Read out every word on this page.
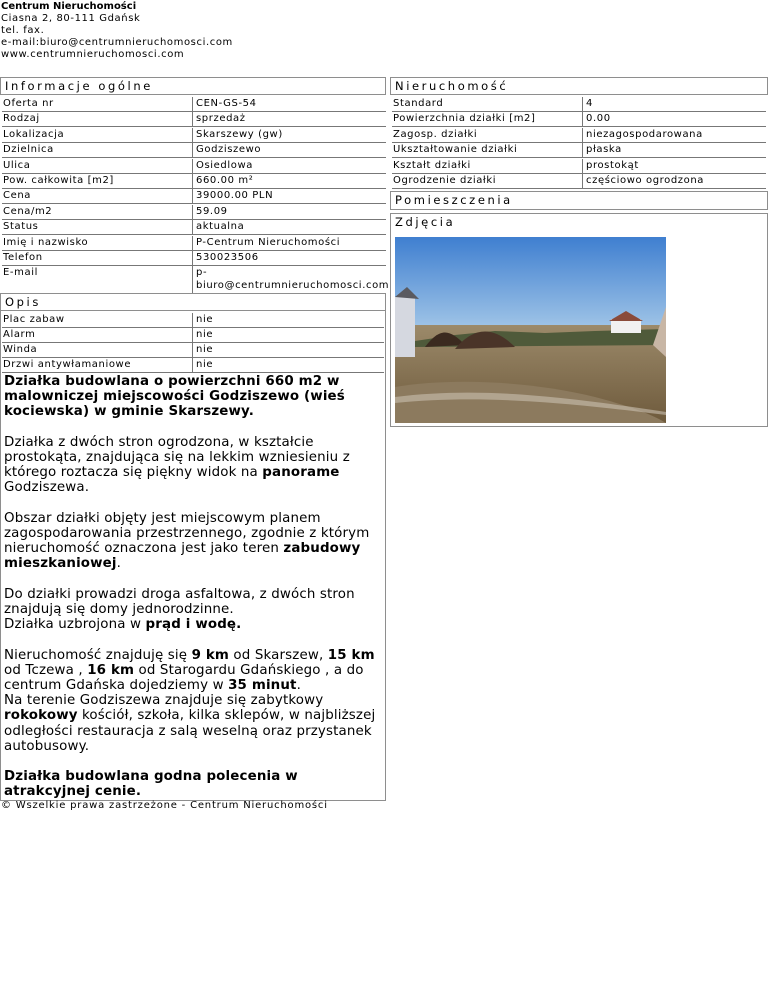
Centrum Nieruchomości
Ciasna 2, 80-111 Gdańsk
tel. fax.
e-mail:biuro@centrumnieruchomosci.com
www.centrumnieruchomosci.com
Informacje ogólne
Oferta nr	CEN-GS-54
Rodzaj	sprzedaż
Lokalizacja	Skarszewy (gw)
Dzielnica	Godziszewo
Ulica	Osiedlowa
Pow. całkowita [m2]	660.00 m²
Cena	39000.00 PLN
Cena/m2	59.09
Status	aktualna
Imię i nazwisko	P-Centrum Nieruchomości
Telefon	530023506
E-mail	p-
biuro@centrumnieruchomosci.com
Nieruchomość
Standard	4
Powierzchnia działki [m2]	0.00
Zagosp. działki	niezagospodarowana
Ukształtowanie działki	płaska
Kształt działki	prostokąt
Ogrodzenie działki	częściowo ogrodzona
Pomieszczenia
Zdjęcia
Opis
Plac zabaw	nie
Alarm	nie
Winda	nie
Drzwi antywłamaniowe	nie

Działka budowlana o powierzchni 660 m2 w malowniczej miejscowości Godziszewo (wieś kociewska) w gminie Skarszewy.

Działka z dwóch stron ogrodzona, w kształcie prostokąta, znajdująca się na lekkim wzniesieniu z którego roztacza się piękny widok na panorame Godziszewa.

Obszar działki objęty jest miejscowym planem zagospodarowania przestrzennego, zgodnie z którym nieruchomość oznaczona jest jako teren zabudowy mieszkaniowej.

Do działki prowadzi droga asfaltowa, z dwóch stron znajdują się domy jednorodzinne.
Działka uzbrojona w prąd i wodę.

Nieruchomość znajduję się 9 km od Skarszew, 15 km od Tczewa , 16 km od Starogardu Gdańskiego , a do centrum Gdańska dojedziemy w 35 minut.
Na terenie Godziszewa znajduje się zabytkowy rokokowy kościół, szkoła, kilka sklepów, w najbliższej odległości restauracja z salą weselną oraz przystanek autobusowy.

Działka budowlana godna polecenia w atrakcyjnej cenie.

© Wszelkie prawa zastrzeżone - Centrum Nieruchomości
